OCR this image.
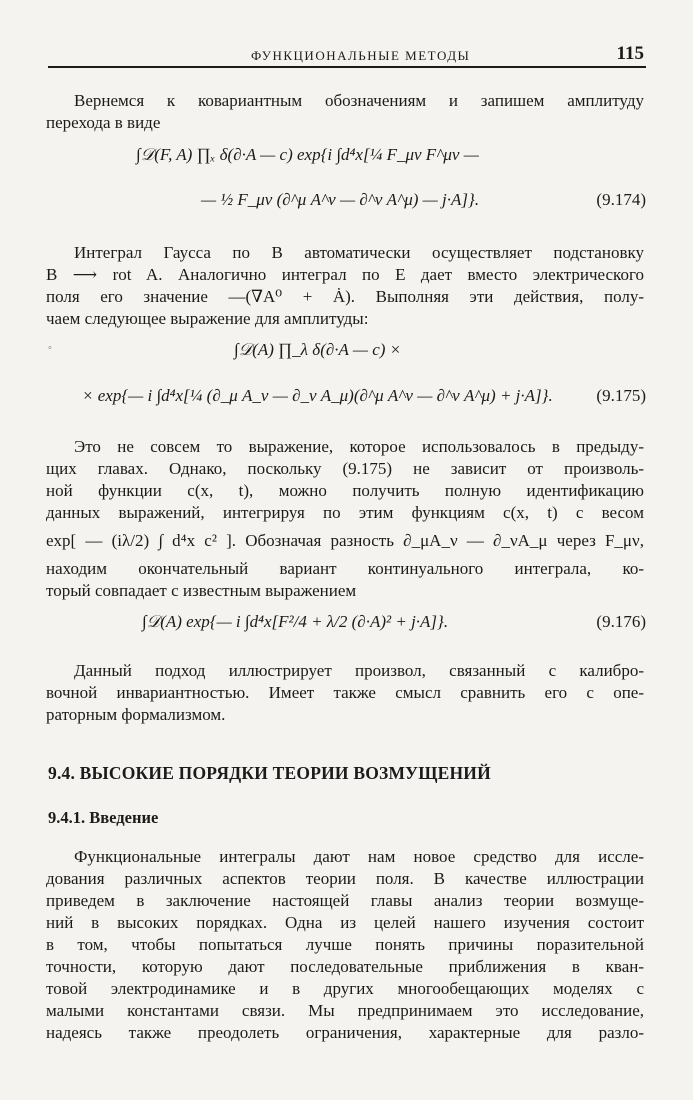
ФУНКЦИОНАЛЬНЫЕ МЕТОДЫ	115

Вернемся к ковариантным обозначениям и запишем амплитуду
перехода в виде

∫𝒟(F, A) ∏ₓ δ(∂·A — c) exp{i ∫d⁴x[¼ F_μν F^μν —
— ½ F_μν (∂^μ A^ν — ∂^ν A^μ) — j·A]}.	(9.174)

Интеграл Гаусса по B автоматически осуществляет подстановку
B ⟶ rot A. Аналогично интеграл по E дает вместо электрического
поля его значение —(∇A⁰ + Ȧ). Выполняя эти действия, полу-
чаем следующее выражение для амплитуды:

◦	∫𝒟(A) ∏_λ δ(∂·A — c) ×
× exp{— i ∫d⁴x[¼ (∂_μ A_ν — ∂_ν A_μ)(∂^μ A^ν — ∂^ν A^μ) + j·A]}.	(9.175)

Это не совсем то выражение, которое использовалось в предыду-
щих главах. Однако, поскольку (9.175) не зависит от произволь-
ной функции c(x, t), можно получить полную идентификацию
данных выражений, интегрируя по этим функциям c(x, t) с весом
exp[ — (iλ/2) ∫ d⁴x c² ]. Обозначая разность ∂_μA_ν — ∂_νA_μ через F_μν,
находим окончательный вариант континуального интеграла, ко-
торый совпадает с известным выражением

∫𝒟(A) exp{— i ∫d⁴x[F²/4 + λ/2 (∂·A)² + j·A]}.	(9.176)

Данный подход иллюстрирует произвол, связанный с калибро-
вочной инвариантностью. Имеет также смысл сравнить его с опе-
раторным формализмом.

9.4. ВЫСОКИЕ ПОРЯДКИ ТЕОРИИ ВОЗМУЩЕНИЙ
9.4.1. Введение

Функциональные интегралы дают нам новое средство для иссле-
дования различных аспектов теории поля. В качестве иллюстрации
приведем в заключение настоящей главы анализ теории возмуще-
ний в высоких порядках. Одна из целей нашего изучения состоит
в том, чтобы попытаться лучше понять причины поразительной
точности, которую дают последовательные приближения в кван-
товой электродинамике и в других многообещающих моделях с
малыми константами связи. Мы предпринимаем это исследование,
надеясь также преодолеть ограничения, характерные для разло-
